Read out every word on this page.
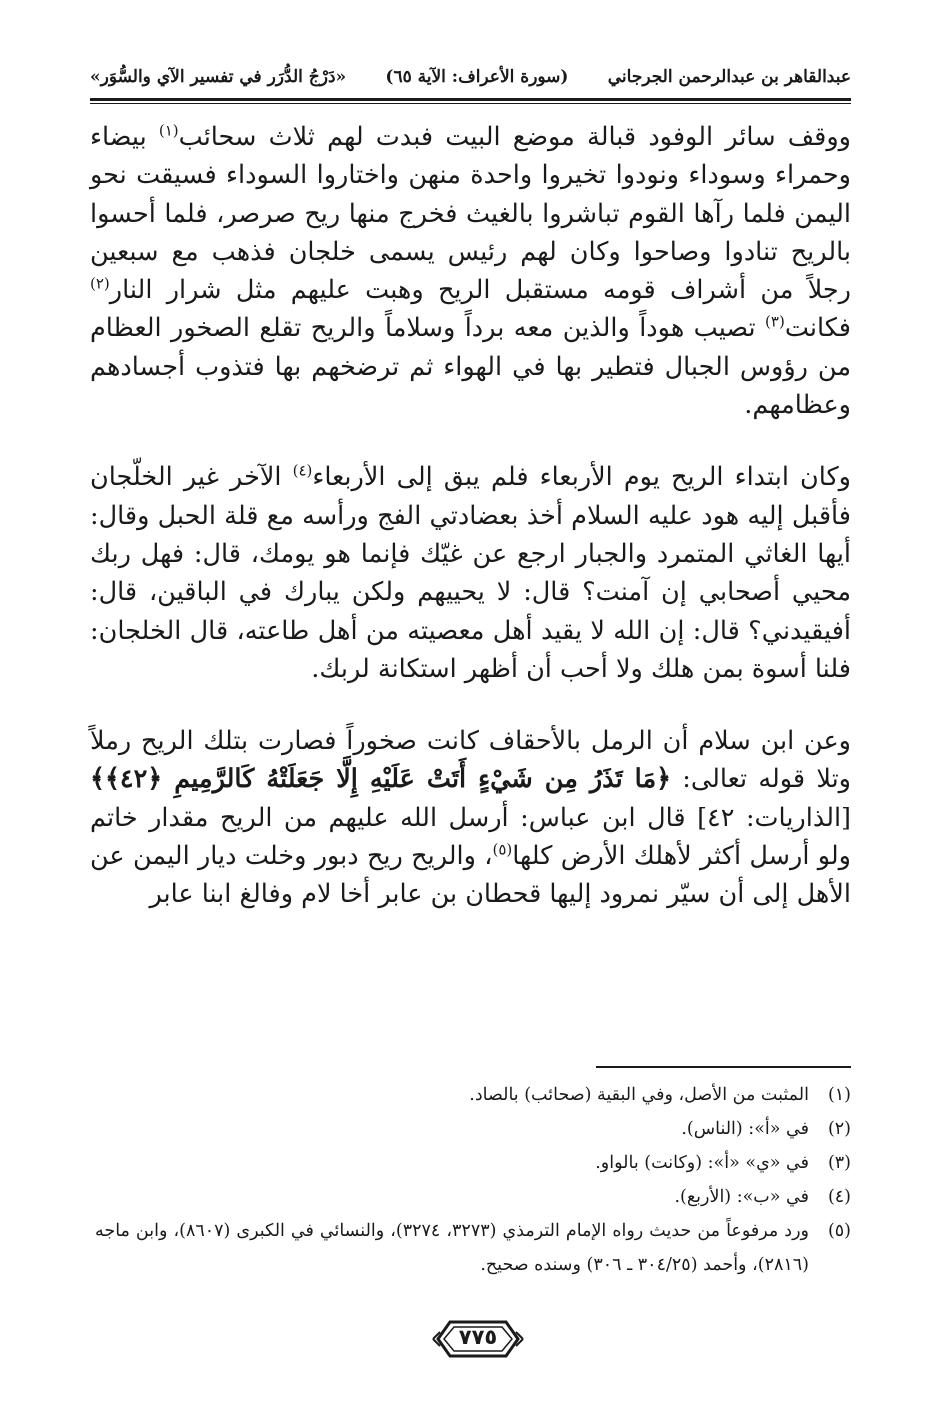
«دَرْجُ الدُّرَر في تفسير الآي والسُّوَر» (سورة الأعراف: الآية ٦٥) عبدالقاهر بن عبدالرحمن الجرجاني

ووقف سائر الوفود قبالة موضع البيت فبدت لهم ثلاث سحائب$^{(١)}$ بيضاء وحمراء وسوداء ونودوا تخيروا واحدة منهن واختاروا السوداء فسيقت نحو اليمن فلما رآها القوم تباشروا بالغيث فخرج منها ريح صرصر، فلما أحسوا بالريح تنادوا وصاحوا وكان لهم رئيس يسمى خلجان فذهب مع سبعين رجلاً من أشراف قومه مستقبل الريح وهبت عليهم مثل شرار النار$^{(٢)}$ فكانت$^{(٣)}$ تصيب هوداً والذين معه برداً وسلاماً والريح تقلع الصخور العظام من رؤوس الجبال فتطير بها في الهواء ثم ترضخهم بها فتذوب أجسادهم وعظامهم.

وكان ابتداء الريح يوم الأربعاء فلم يبق إلى الأربعاء$^{(٤)}$ الآخر غير الخلّجان فأقبل إليه هود عليه السلام أخذ بعضادتي الفج ورأسه مع قلة الحبل وقال: أيها الغاثي المتمرد والجبار ارجع عن غيّك فإنما هو يومك، قال: فهل ربك محيي أصحابي إن آمنت؟ قال: لا يحييهم ولكن يبارك في الباقين، قال: أفيقيدني؟ قال: إن الله لا يقيد أهل معصيته من أهل طاعته، قال الخلجان: فلنا أسوة بمن هلك ولا أحب أن أظهر استكانة لربك.

وعن ابن سلام أن الرمل بالأحقاف كانت صخوراً فصارت بتلك الريح رملاً وتلا قوله تعالى: ﴿مَا تَذَرُ مِن شَيْءٍ أَتَتْ عَلَيْهِ إِلَّا جَعَلَتْهُ كَالرَّمِيمِ ﴿٤٢﴾﴾ [الذاريات: ٤٢] قال ابن عباس: أرسل الله عليهم من الريح مقدار خاتم ولو أرسل أكثر لأهلك الأرض كلها$^{(٥)}$، والريح ريح دبور وخلت ديار اليمن عن الأهل إلى أن سيّر نمرود إليها قحطان بن عابر أخا لام وفالغ ابنا عابر

(١)
المثبت من الأصل، وفي البقية (صحائب) بالصاد.
(٢)
في «أ»: (الناس).
(٣)
في «ي» «أ»: (وكانت) بالواو.
(٤)
في «ب»: (الأربع).
(٥)
ورد مرفوعاً من حديث رواه الإمام الترمذي (٣٢٧٣، ٣٢٧٤)، والنسائي في الكبرى (٨٦٠٧)، وابن ماجه (٢٨١٦)، وأحمد (٣٠٤/٢٥ ـ ٣٠٦) وسنده صحيح.
٧٧٥
